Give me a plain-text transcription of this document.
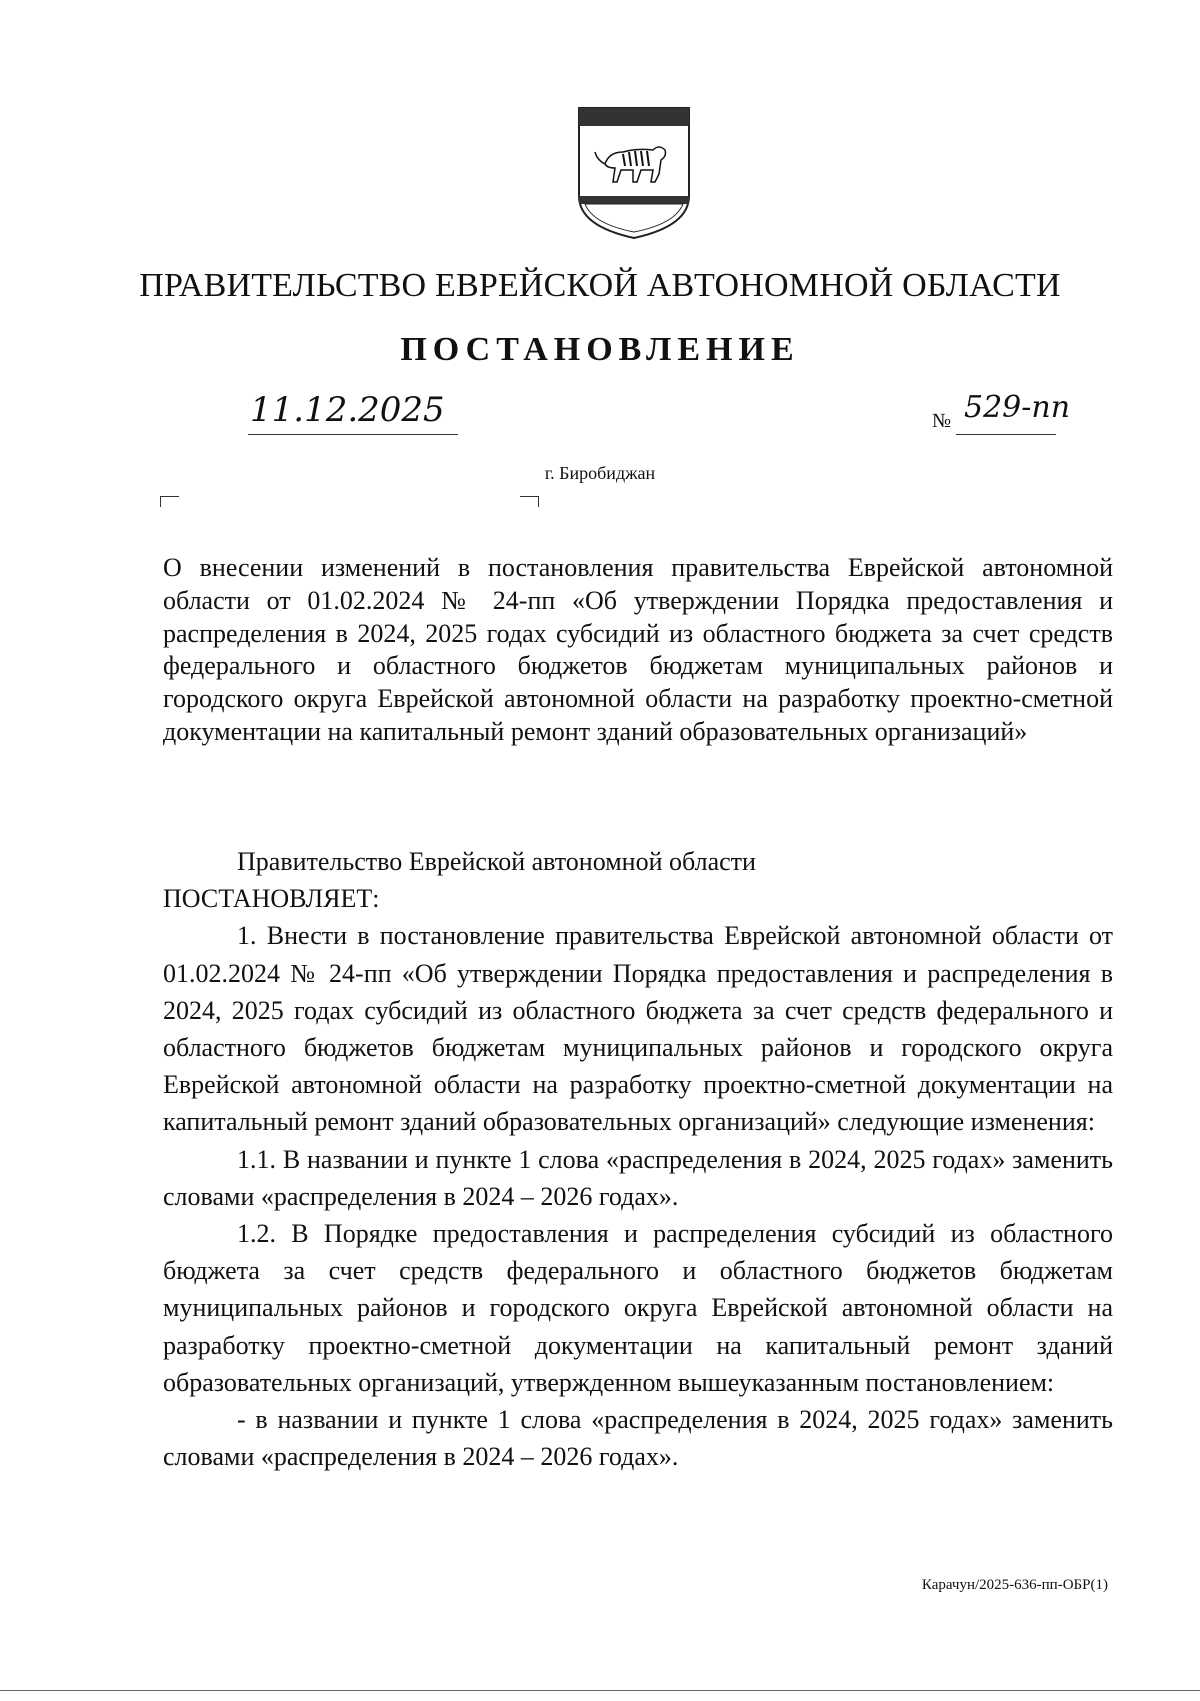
ПРАВИТЕЛЬСТВО ЕВРЕЙСКОЙ АВТОНОМНОЙ ОБЛАСТИ
ПОСТАНОВЛЕНИЕ
11.12.2025	№ 529-пп
г. Биробиджан
О внесении изменений в постановления правительства Еврейской автономной области от 01.02.2024 № 24-пп «Об утверждении Порядка предоставления и распределения в 2024, 2025 годах субсидий из областного бюджета за счет средств федерального и областного бюджетов бюджетам муниципальных районов и городского округа Еврейской автономной области на разработку проектно-сметной документации на капитальный ремонт зданий образовательных организаций»

Правительство Еврейской автономной области

ПОСТАНОВЛЯЕТ:

1. Внести в постановление правительства Еврейской автономной области от 01.02.2024 № 24-пп «Об утверждении Порядка предоставления и распределения в 2024, 2025 годах субсидий из областного бюджета за счет средств федерального и областного бюджетов бюджетам муниципальных районов и городского округа Еврейской автономной области на разработку проектно-сметной документации на капитальный ремонт зданий образовательных организаций» следующие изменения:

1.1. В названии и пункте 1 слова «распределения в 2024, 2025 годах» заменить словами «распределения в 2024 – 2026 годах».

1.2. В Порядке предоставления и распределения субсидий из областного бюджета за счет средств федерального и областного бюджетов бюджетам муниципальных районов и городского округа Еврейской автономной области на разработку проектно-сметной документации на капитальный ремонт зданий образовательных организаций, утвержденном вышеуказанным постановлением:

- в названии и пункте 1 слова «распределения в 2024, 2025 годах» заменить словами «распределения в 2024 – 2026 годах».

Карачун/2025-636-пп-ОБР(1)
